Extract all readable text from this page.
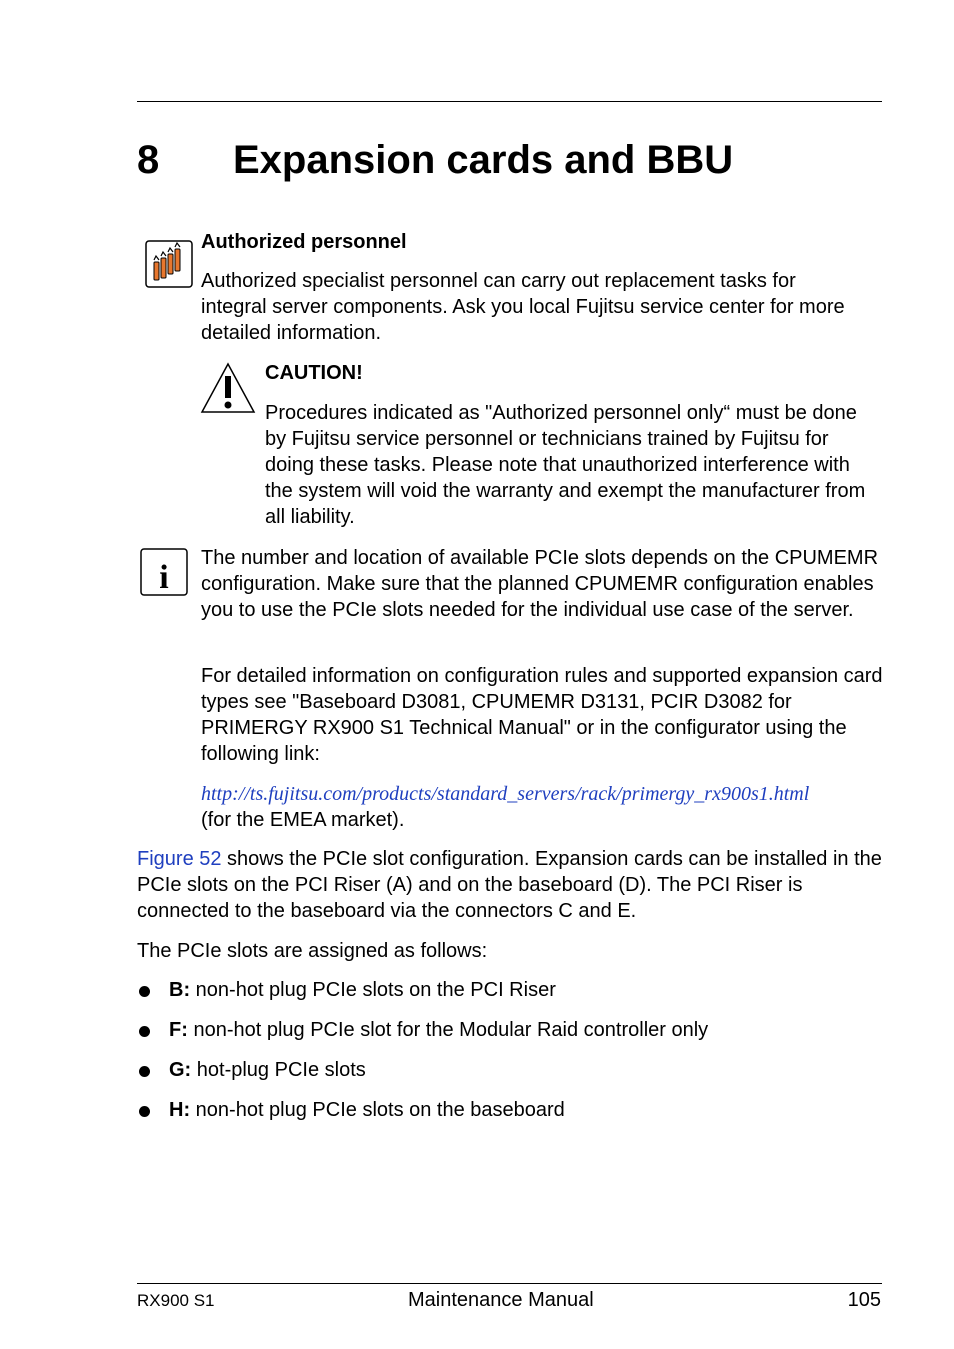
8 Expansion cards and BBU

Authorized personnel

Authorized specialist personnel can carry out replacement tasks for integral server components. Ask you local Fujitsu service center for more detailed information.

CAUTION!

Procedures indicated as "Authorized personnel only“ must be done by Fujitsu service personnel or technicians trained by Fujitsu for doing these tasks. Please note that unauthorized interference with the system will void the warranty and exempt the manufacturer from all liability.

i

The number and location of available PCIe slots depends on the CPUMEMR configuration. Make sure that the planned CPUMEMR configuration enables you to use the PCIe slots needed for the individual use case of the server.

For detailed information on configuration rules and supported expansion card types see "Baseboard D3081, CPUMEMR D3131, PCIR D3082 for PRIMERGY RX900 S1 Technical Manual" or in the configurator using the following link:

http://ts.fujitsu.com/products/standard_servers/rack/primergy_rx900s1.html

(for the EMEA market).

Figure 52 shows the PCIe slot configuration. Expansion cards can be installed in the PCIe slots on the PCI Riser (A) and on the baseboard (D). The PCI Riser is connected to the baseboard via the connectors C and E.

The PCIe slots are assigned as follows:

B: non-hot plug PCIe slots on the PCI Riser
F: non-hot plug PCIe slot for the Modular Raid controller only
G: hot-plug PCIe slots
H: non-hot plug PCIe slots on the baseboard
RX900 S1	Maintenance Manual	105
